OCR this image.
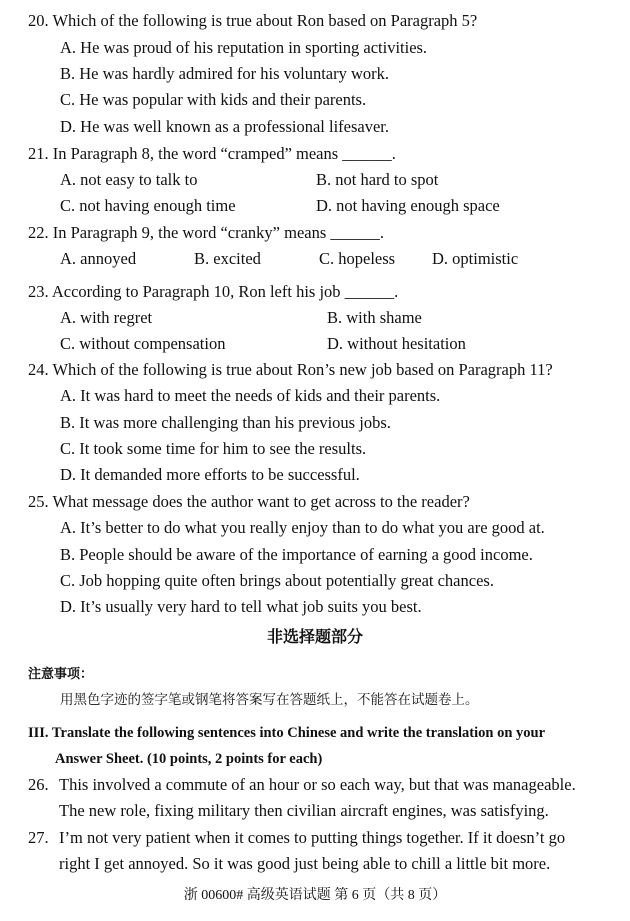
20. Which of the following is true about Ron based on Paragraph 5?
A. He was proud of his reputation in sporting activities.
B. He was hardly admired for his voluntary work.
C. He was popular with kids and their parents.
D. He was well known as a professional lifesaver.
21. In Paragraph 8, the word “cramped” means ______.
A. not easy to talk to	B. not hard to spot
C. not having enough time	D. not having enough space
22. In Paragraph 9, the word “cranky” means ______.
A. annoyed	B. excited	C. hopeless D. optimistic
23. According to Paragraph 10, Ron left his job ______.
A. with regret	B. with shame
C. without compensation	D. without hesitation
24. Which of the following is true about Ron’s new job based on Paragraph 11?
A. It was hard to meet the needs of kids and their parents.
B. It was more challenging than his previous jobs.
C. It took some time for him to see the results.
D. It demanded more efforts to be successful.
25. What message does the author want to get across to the reader?
A. It’s better to do what you really enjoy than to do what you are good at.
B. People should be aware of the importance of earning a good income.
C. Job hopping quite often brings about potentially great chances.
D. It’s usually very hard to tell what job suits you best.
非选择题部分
注意事项：
用黑色字迹的签字笔或钢笔将答案写在答题纸上，不能答在试题卷上。
III. Translate the following sentences into Chinese and write the translation on your
Answer Sheet. (10 points, 2 points for each)
26. This involved a commute of an hour or so each way, but that was manageable.
The new role, fixing military then civilian aircraft engines, was satisfying.
27. I’m not very patient when it comes to putting things together. If it doesn’t go
right I get annoyed. So it was good just being able to chill a little bit more.
浙 00600# 高级英语试题 第 6 页（共 8 页）
